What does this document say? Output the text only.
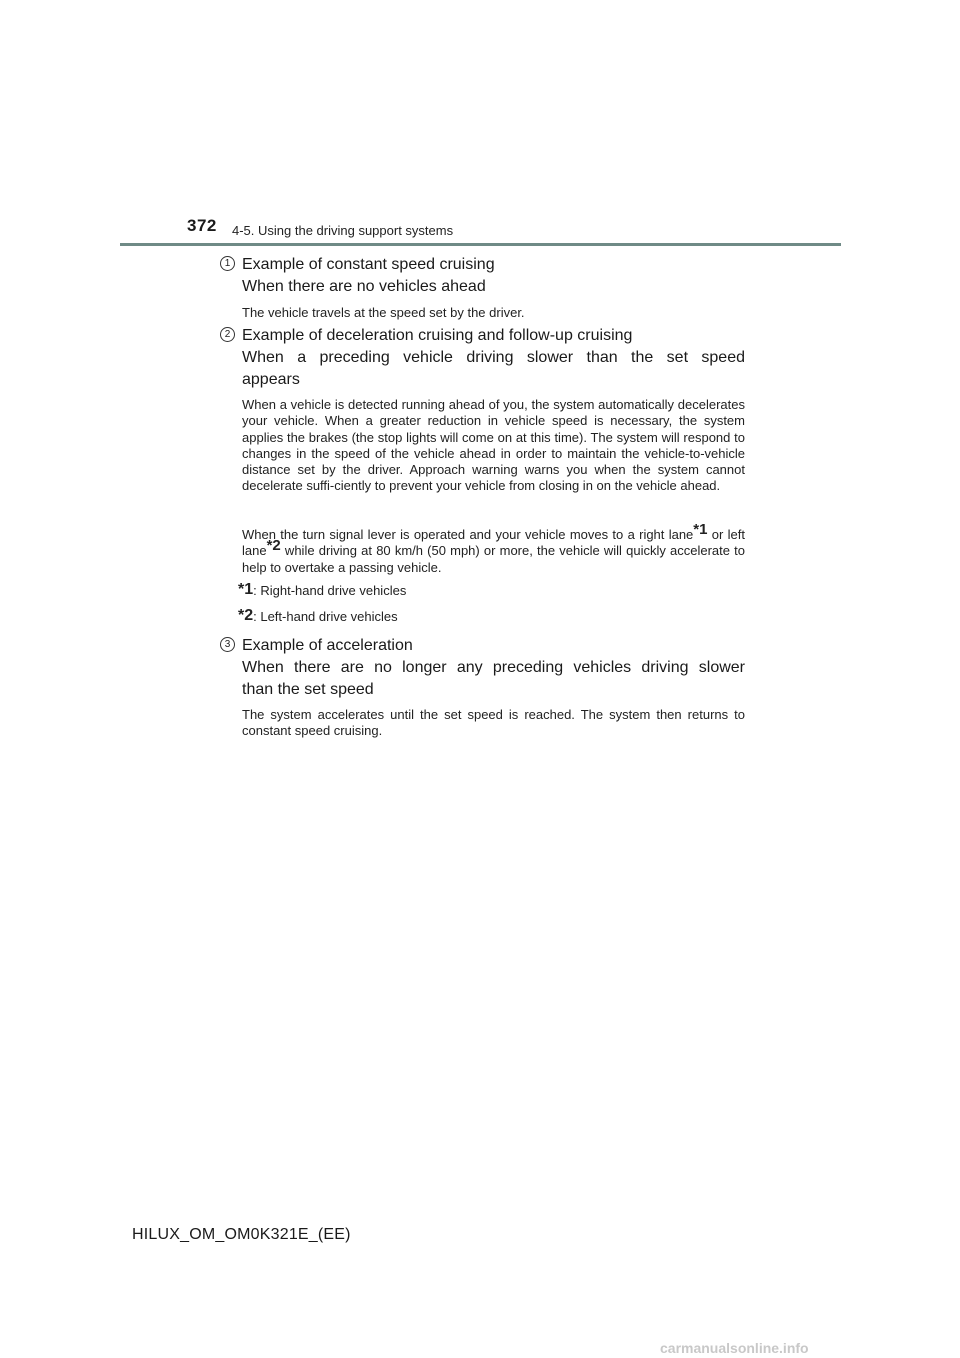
372 4-5. Using the driving support systems
1 Example of constant speed cruising
When there are no vehicles ahead
The vehicle travels at the speed set by the driver.
2 Example of deceleration cruising and follow-up cruising
When a preceding vehicle driving slower than the set speed
appears
When a vehicle is detected running ahead of you, the system automatically decelerates your vehicle. When a greater reduction in vehicle speed is necessary, the system applies the brakes (the stop lights will come on at this time). The system will respond to changes in the speed of the vehicle ahead in order to maintain the vehicle-to-vehicle distance set by the driver. Approach warning warns you when the system cannot decelerate suffi-ciently to prevent your vehicle from closing in on the vehicle ahead.
When the turn signal lever is operated and your vehicle moves to a right lane$^{*1}$ or left lane$^{*2}$ while driving at 80 km/h (50 mph) or more, the vehicle will quickly accelerate to help to overtake a passing vehicle.
*1: Right-hand drive vehicles
*2: Left-hand drive vehicles
3 Example of acceleration
When there are no longer any preceding vehicles driving slower
than the set speed
The system accelerates until the set speed is reached. The system then returns to constant speed cruising.
HILUX_OM_OM0K321E_(EE)
carmanualsonline.info
